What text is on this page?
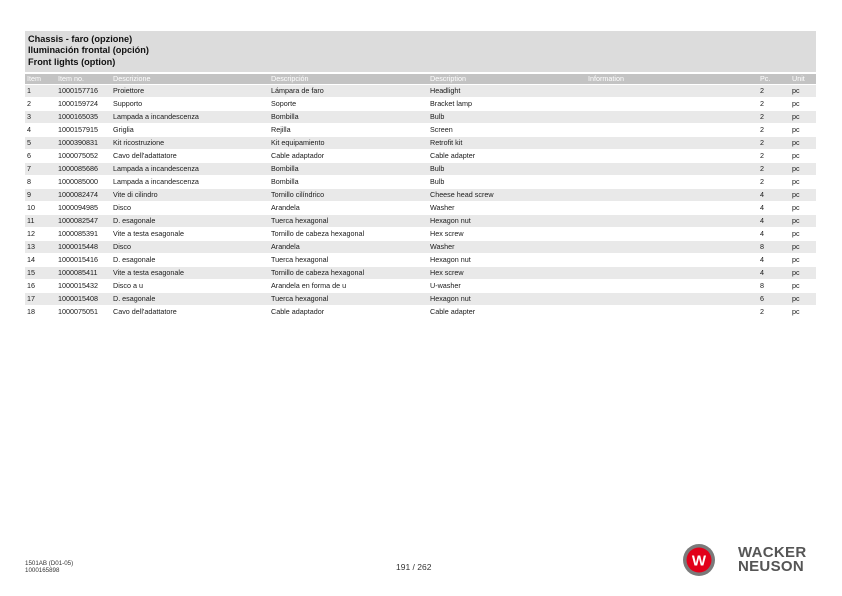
Chassis - faro (opzione)
Iluminación frontal (opción)
Front lights (option)
Item	Item no.	Descrizione	Descripción	Description	Information	Pc.	Unit
1	1000157716	Proiettore	Lámpara de faro	Headlight		2	pc
2	1000159724	Supporto	Soporte	Bracket lamp		2	pc
3	1000165035	Lampada a incandescenza	Bombilla	Bulb		2	pc
4	1000157915	Griglia	Rejilla	Screen		2	pc
5	1000390831	Kit ricostruzione	Kit equipamiento	Retrofit kit		2	pc
6	1000075052	Cavo dell'adattatore	Cable adaptador	Cable adapter		2	pc
7	1000085686	Lampada a incandescenza	Bombilla	Bulb		2	pc
8	1000085000	Lampada a incandescenza	Bombilla	Bulb		2	pc
9	1000082474	Vite di cilindro	Tornillo cilíndrico	Cheese head screw		4	pc
10	1000094985	Disco	Arandela	Washer		4	pc
11	1000082547	D. esagonale	Tuerca hexagonal	Hexagon nut		4	pc
12	1000085391	Vite a testa esagonale	Tornillo de cabeza hexagonal	Hex screw		4	pc
13	1000015448	Disco	Arandela	Washer		8	pc
14	1000015416	D. esagonale	Tuerca hexagonal	Hexagon nut		4	pc
15	1000085411	Vite a testa esagonale	Tornillo de cabeza hexagonal	Hex screw		4	pc
16	1000015432	Disco a u	Arandela en forma de u	U-washer		8	pc
17	1000015408	D. esagonale	Tuerca hexagonal	Hexagon nut		6	pc
18	1000075051	Cavo dell'adattatore	Cable adaptador	Cable adapter		2	pc
1501AB (D01-05)
1000165898	191 / 262	W WACKER
NEUSON
